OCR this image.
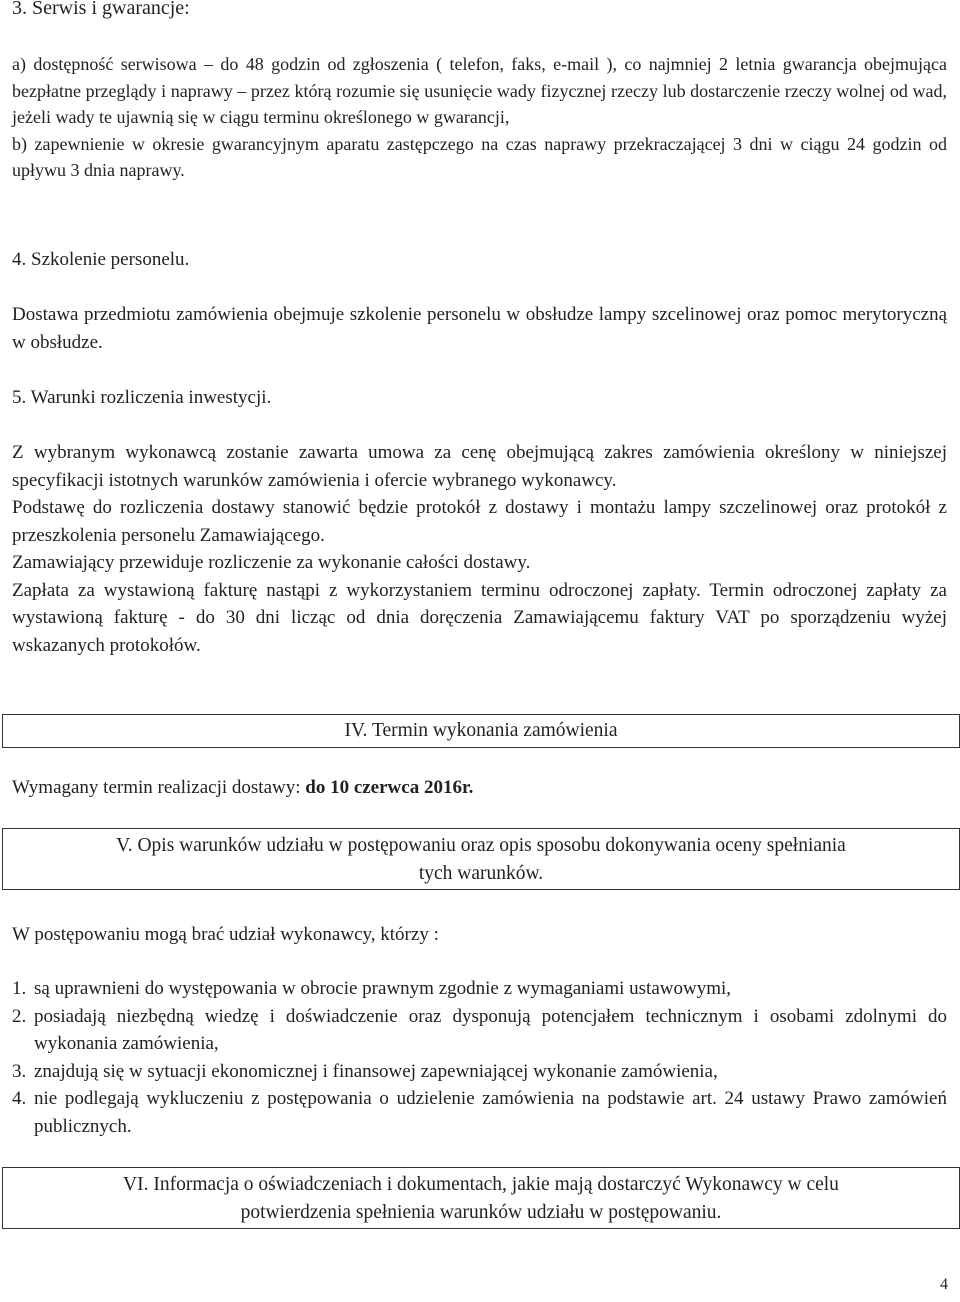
3. Serwis i gwarancje:

a) dostępność serwisowa – do 48 godzin od zgłoszenia ( telefon, faks, e-mail ), co najmniej 2 letnia gwarancja obejmująca bezpłatne przeglądy i naprawy – przez którą rozumie się usunięcie wady fizycznej rzeczy lub dostarczenie rzeczy wolnej od wad, jeżeli wady te ujawnią się w ciągu terminu określonego w gwarancji,

b) zapewnienie w okresie gwarancyjnym aparatu zastępczego na czas naprawy przekraczającej 3 dni w ciągu 24 godzin od upływu 3 dnia naprawy.

4. Szkolenie personelu.

Dostawa przedmiotu zamówienia obejmuje szkolenie personelu w obsłudze lampy szcelinowej oraz pomoc merytoryczną w obsłudze.

5. Warunki rozliczenia inwestycji.

Z wybranym wykonawcą zostanie zawarta umowa za cenę obejmującą zakres zamówienia określony w niniejszej specyfikacji istotnych warunków zamówienia i ofercie wybranego wykonawcy.

Podstawę do rozliczenia dostawy stanowić będzie protokół z dostawy i montażu lampy szczelinowej oraz protokół z przeszkolenia personelu Zamawiającego.

Zamawiający przewiduje rozliczenie za wykonanie całości dostawy.

Zapłata za wystawioną fakturę nastąpi z wykorzystaniem terminu odroczonej zapłaty. Termin odroczonej zapłaty za wystawioną fakturę - do 30 dni licząc od dnia doręczenia Zamawiającemu faktury VAT po sporządzeniu wyżej wskazanych protokołów.

IV. Termin wykonania zamówienia

Wymagany termin realizacji dostawy: do 10 czerwca 2016r.

V. Opis warunków udziału w postępowaniu oraz opis sposobu dokonywania oceny spełniania
tych warunków.

W postępowaniu mogą brać udział wykonawcy, którzy :

1. są uprawnieni do występowania w obrocie prawnym zgodnie z wymaganiami ustawowymi,
2. posiadają niezbędną wiedzę i doświadczenie oraz dysponują potencjałem technicznym i osobami zdolnymi do wykonania zamówienia,
3. znajdują się w sytuacji ekonomicznej i finansowej zapewniającej wykonanie zamówienia,
4. nie podlegają wykluczeniu z postępowania o udzielenie zamówienia na podstawie art. 24 ustawy Prawo zamówień publicznych.
VI. Informacja o oświadczeniach i dokumentach, jakie mają dostarczyć Wykonawcy w celu
potwierdzenia spełnienia warunków udziału w postępowaniu.
4
